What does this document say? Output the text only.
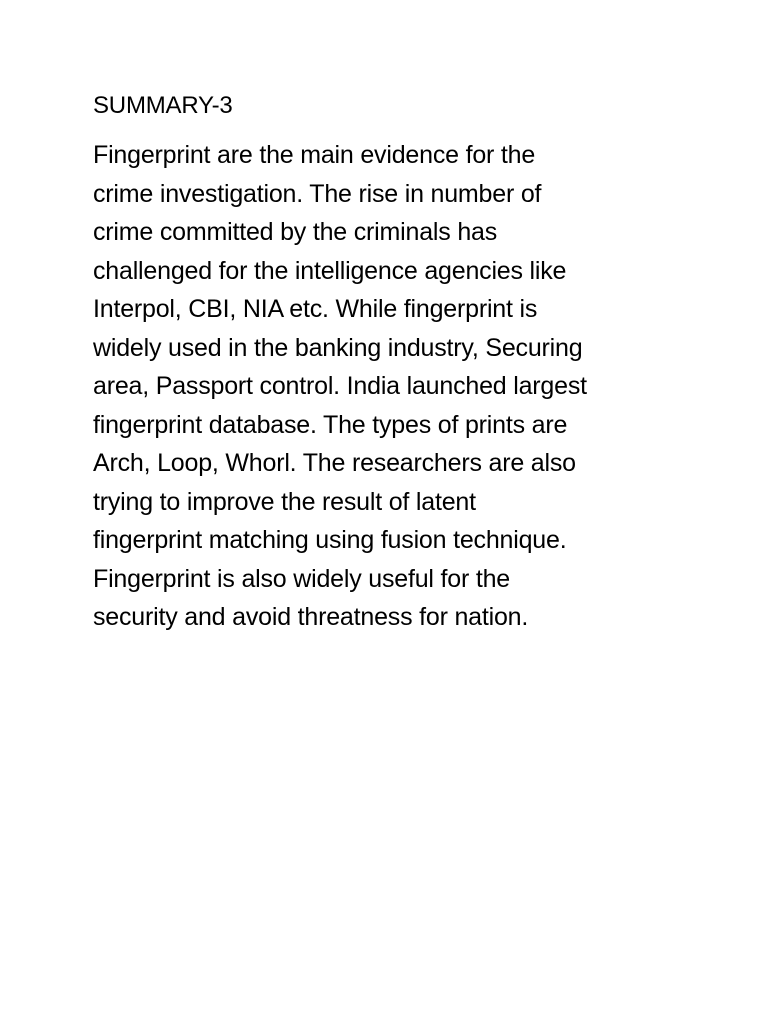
SUMMARY-3

Fingerprint are the main evidence for the

crime investigation. The rise in number of

crime committed by the criminals has

challenged for the intelligence agencies like

Interpol, CBI, NIA etc. While fingerprint is

widely used in the banking industry, Securing

area, Passport control. India launched largest

fingerprint database. The types of prints are

Arch, Loop, Whorl. The researchers are also

trying to improve the result of latent

fingerprint matching using fusion technique.

Fingerprint is also widely useful for the

security and avoid threatness for nation.
